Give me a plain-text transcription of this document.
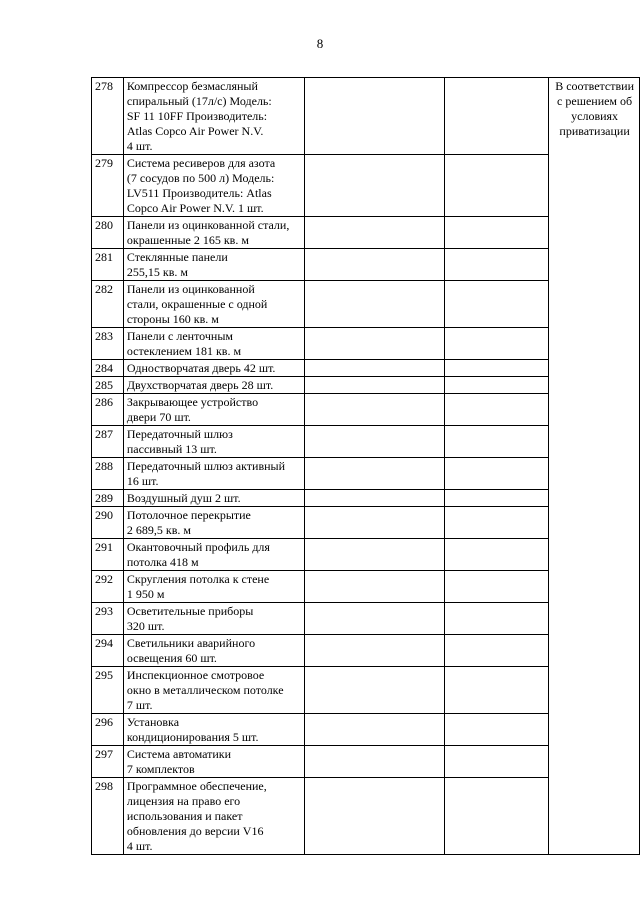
8
278	Компрессор безмасляный
спиральный (17л/с) Модель:
SF 11 10FF Производитель:
Atlas Copco Air Power N.V.
4 шт.			В соответствии с решением об условиях приватизации
279	Система ресиверов для азота
(7 сосудов по 500 л) Модель:
LV511 Производитель: Atlas
Copco Air Power N.V. 1 шт.			

280	Панели из оцинкованной стали,
окрашенные 2 165 кв. м			

281	Стеклянные панели
255,15 кв. м			

282	Панели из оцинкованной
стали, окрашенные с одной
стороны 160 кв. м			

283	Панели с ленточным
остеклением 181 кв. м			

284	Одностворчатая дверь 42 шт.			

285	Двухстворчатая дверь 28 шт.			

286	Закрывающее устройство
двери 70 шт.			

287	Передаточный шлюз
пассивный 13 шт.			

288	Передаточный шлюз активный
16 шт.			

289	Воздушный душ 2 шт.			

290	Потолочное перекрытие
2 689,5 кв. м			

291	Окантовочный профиль для
потолка 418 м			

292	Скругления потолка к стене
1 950 м			

293	Осветительные приборы
320 шт.			

294	Светильники аварийного
освещения 60 шт.			

295	Инспекционное смотровое
окно в металлическом потолке
7 шт.			

296	Установка
кондиционирования 5 шт.			

297	Система автоматики
7 комплектов			

298	Программное обеспечение,
лицензия на право его
использования и пакет
обновления до версии V16
4 шт.			
